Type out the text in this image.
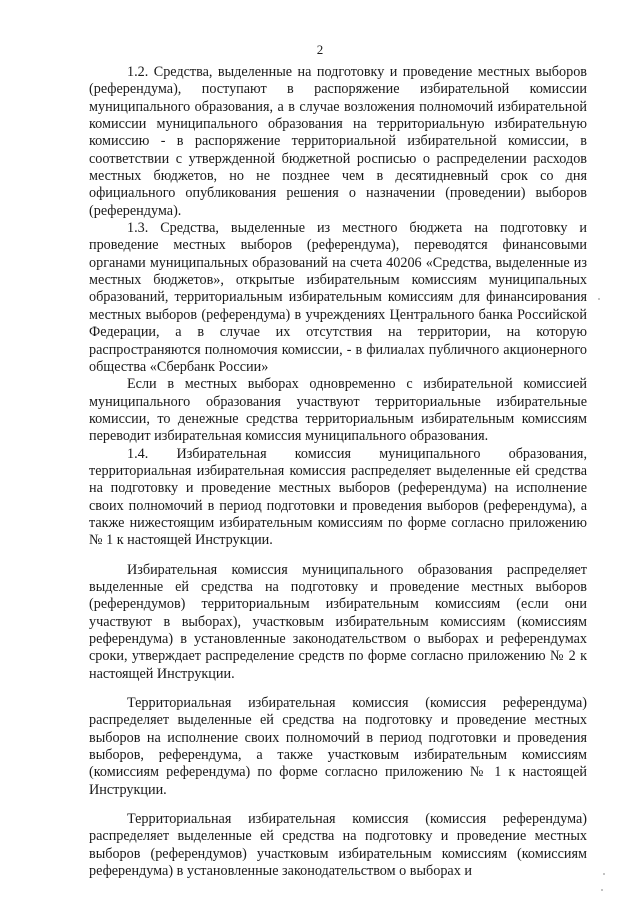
2

1.2. Средства, выделенные на подготовку и проведение местных выборов (референдума), поступают в распоряжение избирательной комиссии муниципального образования, а в случае возложения полномочий избирательной комиссии муниципального образования на территориальную избирательную комиссию - в распоряжение территориальной избирательной комиссии, в соответствии с утвержденной бюджетной росписью о распределении расходов местных бюджетов, но не позднее чем в десятидневный срок со дня официального опубликования решения о назначении (проведении) выборов (референдума).

1.3. Средства, выделенные из местного бюджета на подготовку и проведение местных выборов (референдума), переводятся финансовыми органами муниципальных образований на счета 40206 «Средства, выделенные из местных бюджетов», открытые избирательным комиссиям муниципальных образований, территориальным избирательным комиссиям для финансирования местных выборов (референдума) в учреждениях Центрального банка Российской Федерации, а в случае их отсутствия на территории, на которую распространяются полномочия комиссии, - в филиалах публичного акционерного общества «Сбербанк России»

Если в местных выборах одновременно с избирательной комиссией муниципального образования участвуют территориальные избирательные комиссии, то денежные средства территориальным избирательным комиссиям переводит избирательная комиссия муниципального образования.

1.4. Избирательная комиссия муниципального образования, территориальная избирательная комиссия распределяет выделенные ей средства на подготовку и проведение местных выборов (референдума) на исполнение своих полномочий в период подготовки и проведения выборов (референдума), а также нижестоящим избирательным комиссиям по форме согласно приложению № 1 к настоящей Инструкции.

Избирательная комиссия муниципального образования распределяет выделенные ей средства на подготовку и проведение местных выборов (референдумов) территориальным избирательным комиссиям (если они участвуют в выборах), участковым избирательным комиссиям (комиссиям референдума) в установленные законодательством о выборах и референдумах сроки, утверждает распределение средств по форме согласно приложению № 2 к настоящей Инструкции.

Территориальная избирательная комиссия (комиссия референдума) распределяет выделенные ей средства на подготовку и проведение местных выборов на исполнение своих полномочий в период подготовки и проведения выборов, референдума, а также участковым избирательным комиссиям (комиссиям референдума) по форме согласно приложению № 1 к настоящей Инструкции.

Территориальная избирательная комиссия (комиссия референдума) распределяет выделенные ей средства на подготовку и проведение местных выборов (референдумов) участковым избирательным комиссиям (комиссиям референдума) в установленные законодательством о выборах и
